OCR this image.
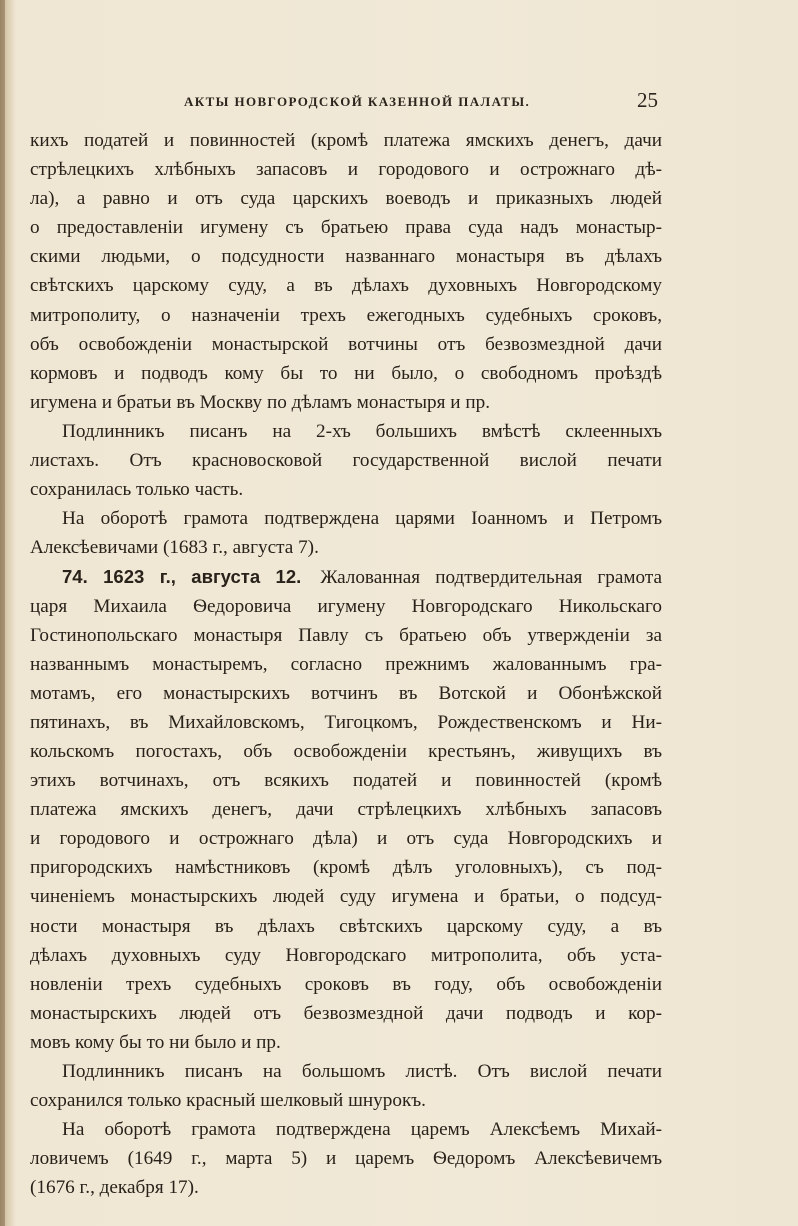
АКТЫ НОВГОРОДСКОЙ КАЗЕННОЙ ПАЛАТЫ.	25
кихъ податей и повинностей (кромѣ платежа ямскихъ денегъ, дачи
стрѣлецкихъ хлѣбныхъ запасовъ и городового и острожнаго дѣ-
ла), а равно и отъ суда царскихъ воеводъ и приказныхъ людей
о предоставленіи игумену съ братьею права суда надъ монастыр-
скими людьми, о подсудности названнаго монастыря въ дѣлахъ
свѣтскихъ царскому суду, а въ дѣлахъ духовныхъ Новгородскому
митрополиту, о назначеніи трехъ ежегодныхъ судебныхъ сроковъ,
объ освобожденіи монастырской вотчины отъ безвозмездной дачи
кормовъ и подводъ кому бы то ни было, о свободномъ проѣздѣ
игумена и братьи въ Москву по дѣламъ монастыря и пр.
Подлинникъ писанъ на 2-хъ большихъ вмѣстѣ склеенныхъ
листахъ. Отъ красновосковой государственной вислой печати
сохранилась только часть.
На оборотѣ грамота подтверждена царями Іоанномъ и Петромъ
Алексѣевичами (1683 г., августа 7).
74. 1623 г., августа 12. Жалованная подтвердительная грамота
царя Михаила Ѳедоровича игумену Новгородскаго Никольскаго
Гостинопольскаго монастыря Павлу съ братьею объ утвержденіи за
названнымъ монастыремъ, согласно прежнимъ жалованнымъ гра-
мотамъ, его монастырскихъ вотчинъ въ Вотской и Обонѣжской
пятинахъ, въ Михайловскомъ, Тигоцкомъ, Рождественскомъ и Ни-
кольскомъ погостахъ, объ освобожденіи крестьянъ, живущихъ въ
этихъ вотчинахъ, отъ всякихъ податей и повинностей (кромѣ
платежа ямскихъ денегъ, дачи стрѣлецкихъ хлѣбныхъ запасовъ
и городового и острожнаго дѣла) и отъ суда Новгородскихъ и
пригородскихъ намѣстниковъ (кромѣ дѣлъ уголовныхъ), съ под-
чиненіемъ монастырскихъ людей суду игумена и братьи, о подсуд-
ности монастыря въ дѣлахъ свѣтскихъ царскому суду, а въ
дѣлахъ духовныхъ суду Новгородскаго митрополита, объ уста-
новленіи трехъ судебныхъ сроковъ въ году, объ освобожденіи
монастырскихъ людей отъ безвозмездной дачи подводъ и кор-
мовъ кому бы то ни было и пр.
Подлинникъ писанъ на большомъ листѣ. Отъ вислой печати
сохранился только красный шелковый шнурокъ.
На оборотѣ грамота подтверждена царемъ Алексѣемъ Михай-
ловичемъ (1649 г., марта 5) и царемъ Ѳедоромъ Алексѣевичемъ
(1676 г., декабря 17).
